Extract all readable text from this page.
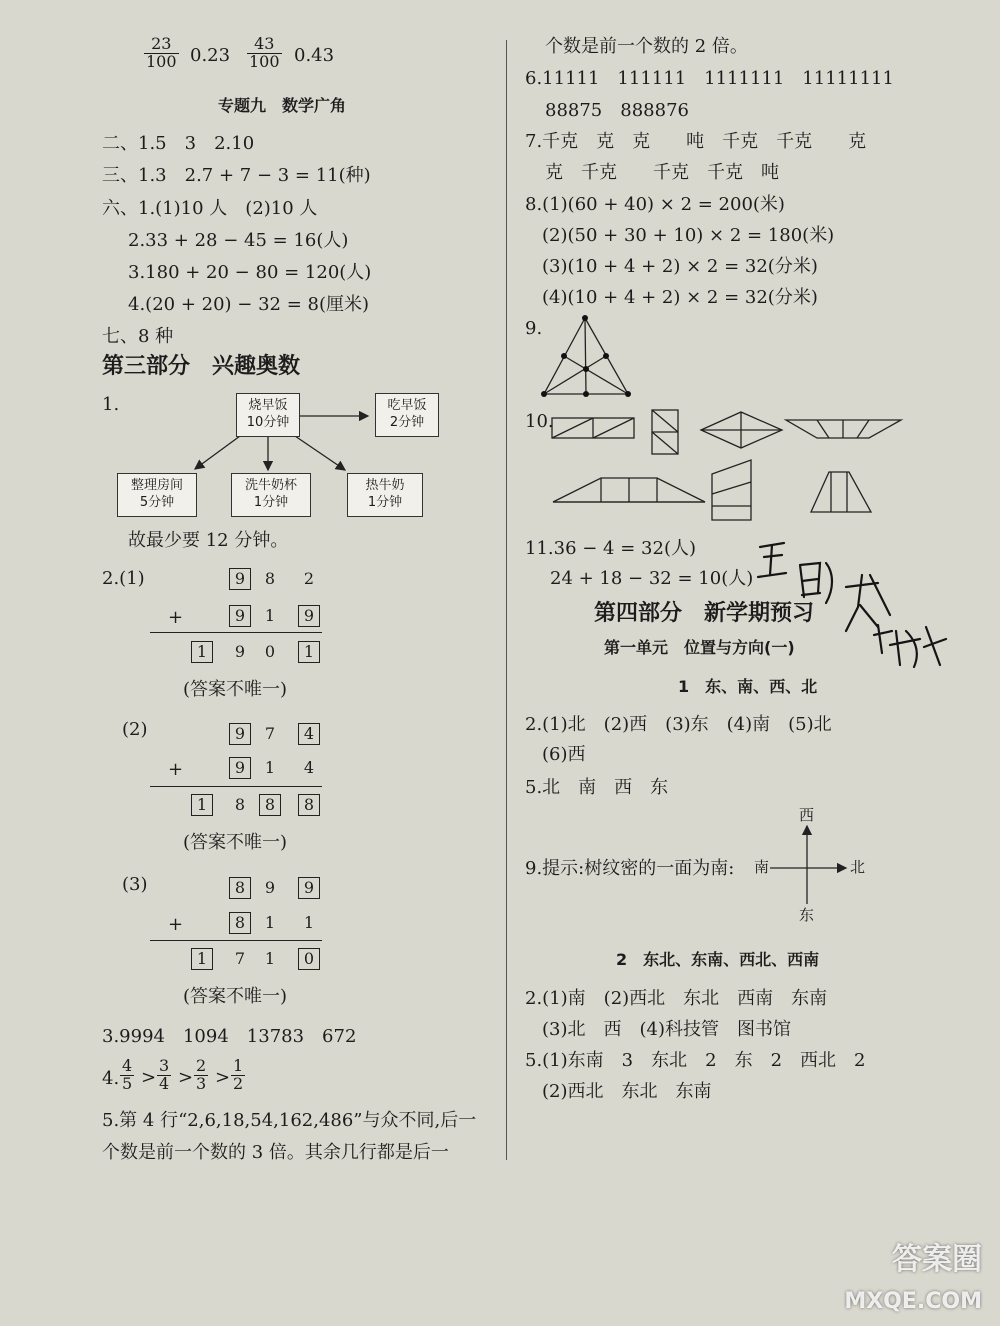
$\frac{23}{100} 0.23 \frac{43}{100} 0.43$
专题九　数学广角
二、1.5　3　2.10
三、1.3　2.7 + 7 − 3 = 11(种)
六、1.(1)10 人　(2)10 人
2.33 + 28 − 45 = 16(人)
3.180 + 20 − 80 = 120(人)
4.(20 + 20) − 32 = 8(厘米)
七、8 种
第三部分　兴趣奥数
1.	烧早饭
10分钟
吃早饭
2分钟
整理房间
5分钟
洗牛奶杯
1分钟
热牛奶
1分钟
故最少要 12 分钟。
2.(1)	9	8	2
+	9	1	9
1	9	0	1
(答案不唯一)
(2)	9	7	4
+	9	1	4
1	8	8	8
(答案不唯一)
(3)	8	9	9
+	8	1	1
1	7	1	0
(答案不唯一)
3.9994　1094　13783　672
4. $\frac{4}{5} > \frac{3}{4} > \frac{2}{3} > \frac{1}{2}$
5.第 4 行“2,6,18,54,162,486”与众不同,后一
个数是前一个数的 3 倍。其余几行都是后一
个数是前一个数的 2 倍。
6.11111　111111　1111111　11111111
88875　888876
7.千克　克　克　　吨　千克　千克　　克
克　千克　　千克　千克　吨
8.(1)(60 + 40) × 2 = 200(米)
(2)(50 + 30 + 10) × 2 = 180(米)
(3)(10 + 4 + 2) × 2 = 32(分米)
(4)(10 + 4 + 2) × 2 = 32(分米)
9.
10.
11.36 − 4 = 32(人)
24 + 18 − 32 = 10(人)
第四部分　新学期预习
第一单元　位置与方向(一)
1　东、南、西、北
2.(1)北　(2)西　(3)东　(4)南　(5)北
(6)西
5.北　南　西　东
9.提示:树纹密的一面为南:
西
东
南	北
2　东北、东南、西北、西南
2.(1)南　(2)西北　东北　西南　东南
(3)北　西　(4)科技管　图书馆
5.(1)东南　3　东北　2　东　2　西北　2
(2)西北　东北　东南
答案圈
MXQE.COM
